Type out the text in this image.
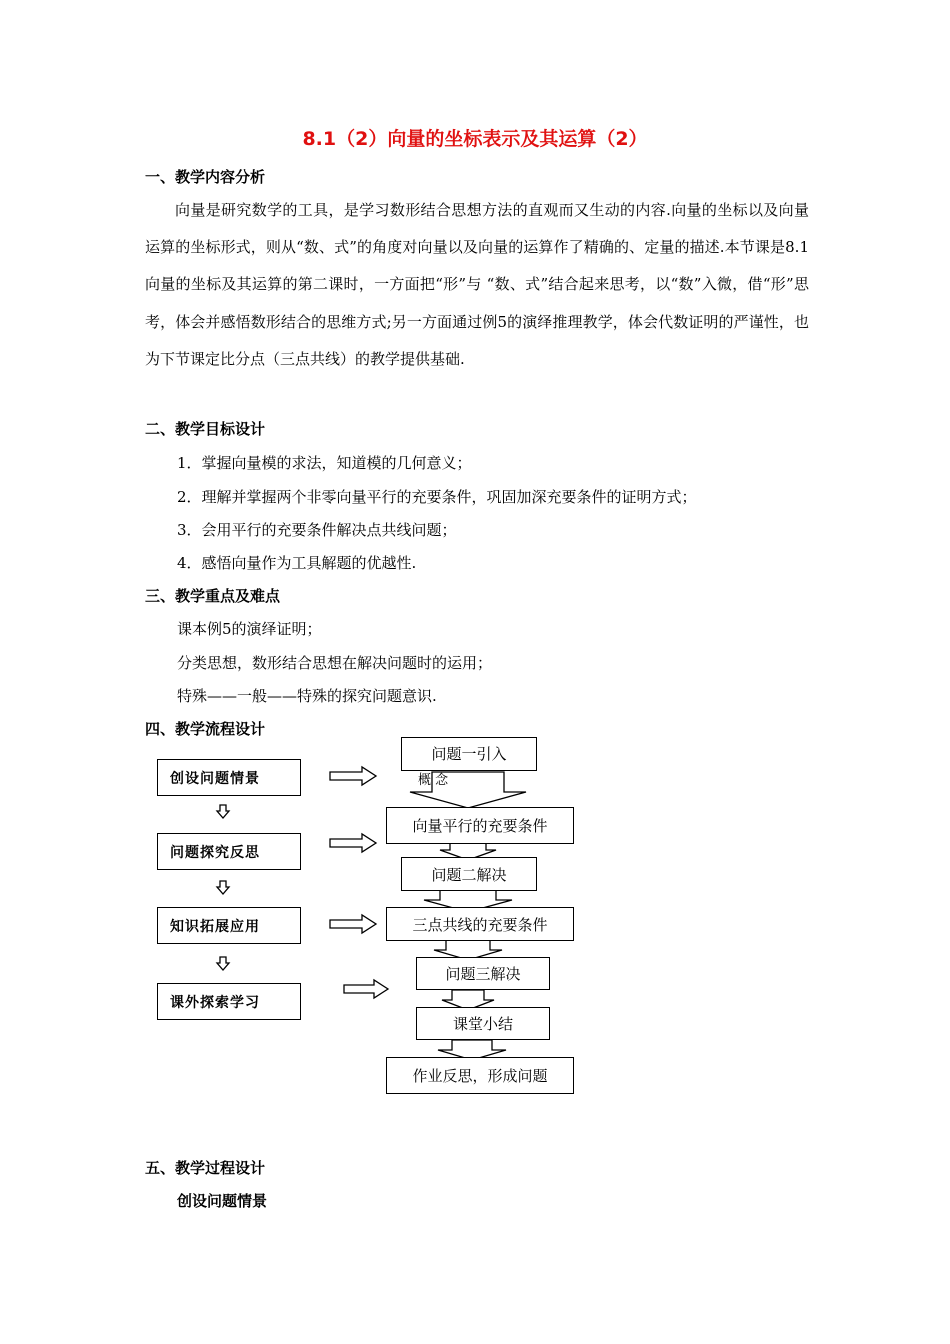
8.1（2）向量的坐标表示及其运算（2）
一、教学内容分析
向量是研究数学的工具，是学习数形结合思想方法的直观而又生动的内容.向量的坐标以及向量运算的坐标形式，则从“数、式”的角度对向量以及向量的运算作了精确的、定量的描述.本节课是8.1向量的坐标及其运算的第二课时，一方面把“形”与 “数、式”结合起来思考，以“数”入微，借“形”思考，体会并感悟数形结合的思维方式;另一方面通过例5的演绎推理教学，体会代数证明的严谨性，也为下节课定比分点（三点共线）的教学提供基础.
二、教学目标设计
1．掌握向量模的求法，知道模的几何意义；
2．理解并掌握两个非零向量平行的充要条件，巩固加深充要条件的证明方式；
3．会用平行的充要条件解决点共线问题；
4．感悟向量作为工具解题的优越性.
三、教学重点及难点
课本例5的演绎证明；
分类思想，数形结合思想在解决问题时的运用；
特殊——一般——特殊的探究问题意识.
四、教学流程设计
创设问题情景
问题探究反思
知识拓展应用
课外探索学习
问题一引入
概 念
向量平行的充要条件
问题二解决
三点共线的充要条件
问题三解决
课堂小结
作业反思，形成问题
五、教学过程设计
创设问题情景
